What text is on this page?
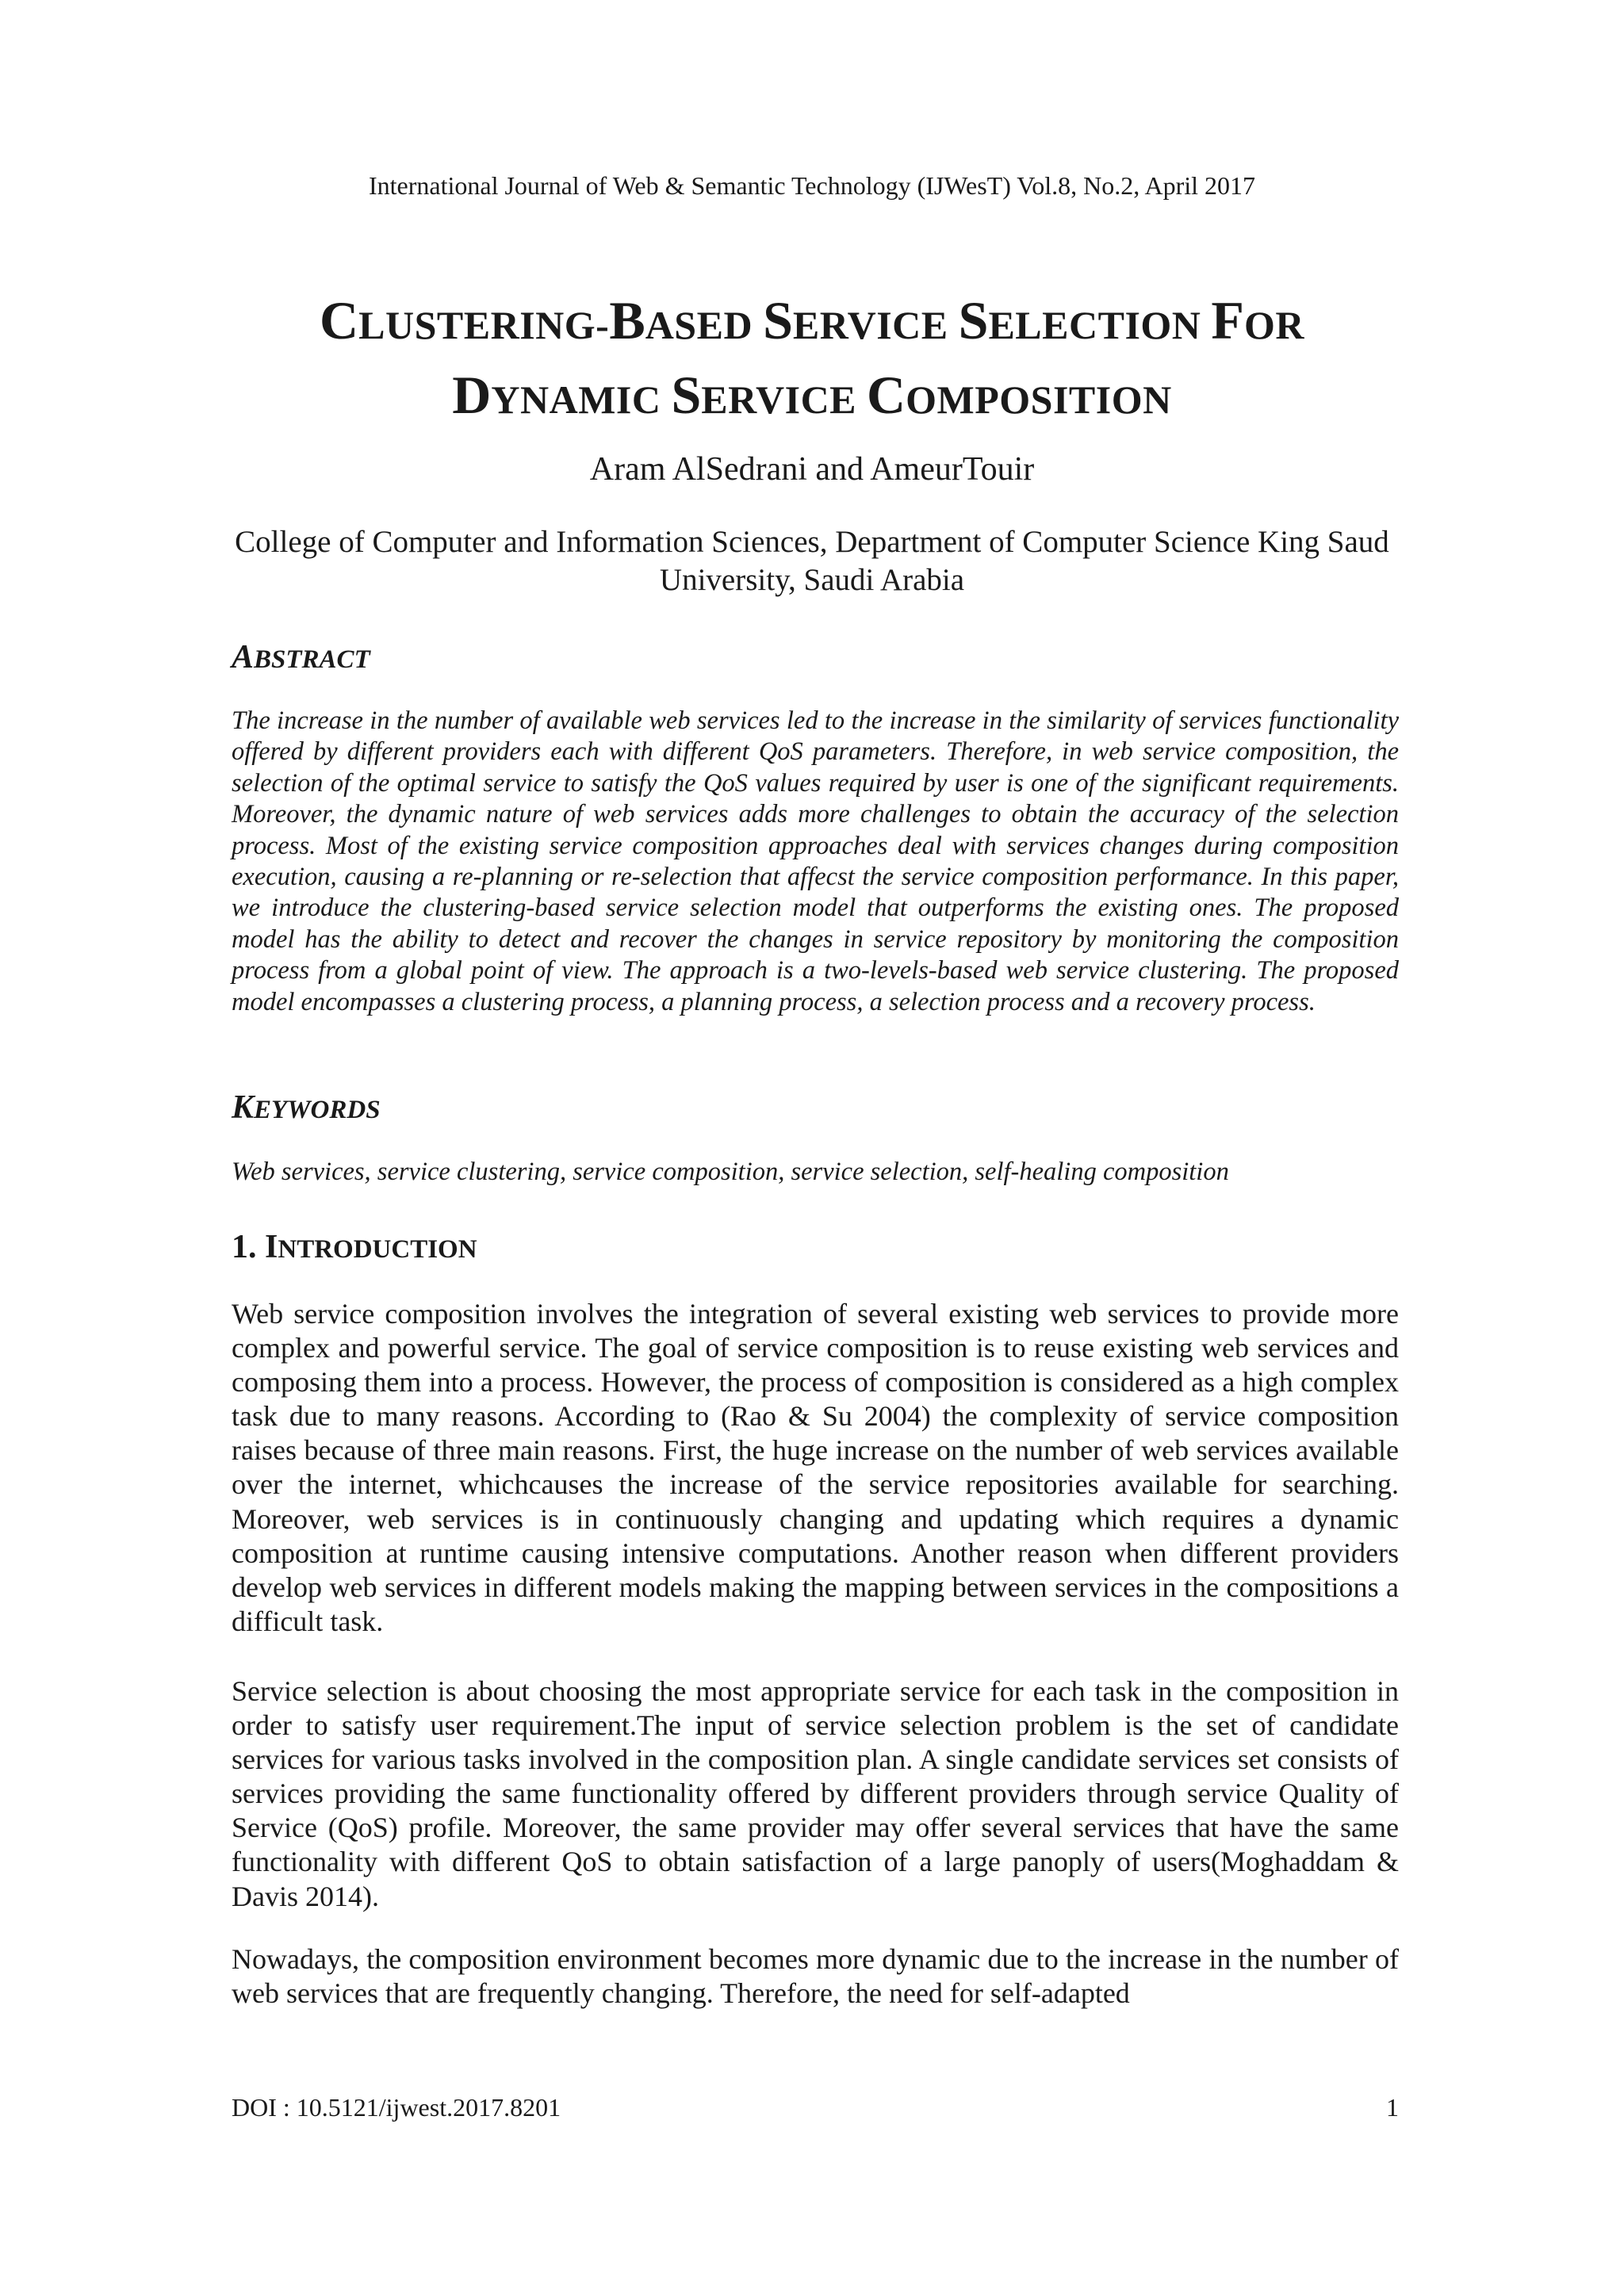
International Journal of Web & Semantic Technology (IJWesT) Vol.8, No.2, April 2017
CLUSTERING-BASED SERVICE SELECTION FOR
DYNAMIC SERVICE COMPOSITION
Aram AlSedrani and AmeurTouir
College of Computer and Information Sciences, Department of Computer Science King Saud University, Saudi Arabia
ABSTRACT

The increase in the number of available web services led to the increase in the similarity of services functionality offered by different providers each with different QoS parameters. Therefore, in web service composition, the selection of the optimal service to satisfy the QoS values required by user is one of the significant requirements. Moreover, the dynamic nature of web services adds more challenges to obtain the accuracy of the selection process. Most of the existing service composition approaches deal with services changes during composition execution, causing a re-planning or re-selection that affecst the service composition performance. In this paper, we introduce the clustering-based service selection model that outperforms the existing ones. The proposed model has the ability to detect and recover the changes in service repository by monitoring the composition process from a global point of view. The approach is a two-levels-based web service clustering. The proposed model encompasses a clustering process, a planning process, a selection process and a recovery process.

KEYWORDS

Web services, service clustering, service composition, service selection, self-healing composition

1. INTRODUCTION

Web service composition involves the integration of several existing web services to provide more complex and powerful service. The goal of service composition is to reuse existing web services and composing them into a process. However, the process of composition is considered as a high complex task due to many reasons. According to (Rao & Su 2004) the complexity of service composition raises because of three main reasons. First, the huge increase on the number of web services available over the internet, whichcauses the increase of the service repositories available for searching. Moreover, web services is in continuously changing and updating which requires a dynamic composition at runtime causing intensive computations. Another reason when different providers develop web services in different models making the mapping between services in the compositions a difficult task.

Service selection is about choosing the most appropriate service for each task in the composition in order to satisfy user requirement.The input of service selection problem is the set of candidate services for various tasks involved in the composition plan. A single candidate services set consists of services providing the same functionality offered by different providers through service Quality of Service (QoS) profile. Moreover, the same provider may offer several services that have the same functionality with different QoS to obtain satisfaction of a large panoply of users(Moghaddam & Davis 2014).

Nowadays, the composition environment becomes more dynamic due to the increase in the number of web services that are frequently changing. Therefore, the need for self-adapted

DOI : 10.5121/ijwest.2017.8201	1
